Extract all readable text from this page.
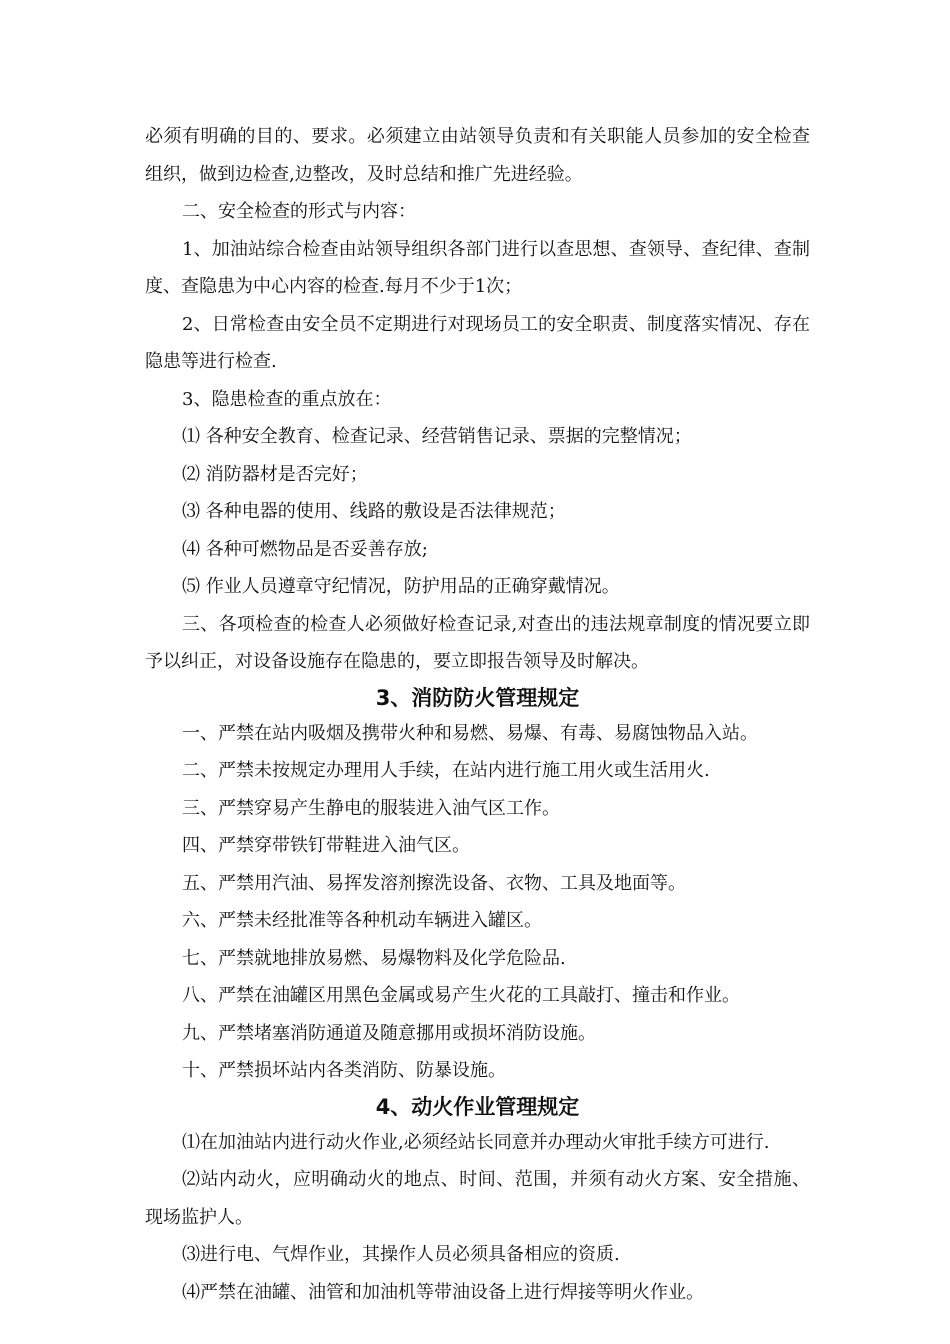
必须有明确的目的、要求。必须建立由站领导负责和有关职能人员参加的安全检查组织，做到边检查,边整改，及时总结和推广先进经验。

二、安全检查的形式与内容：

1、加油站综合检查由站领导组织各部门进行以查思想、查领导、查纪律、查制度、查隐患为中心内容的检查.每月不少于1次；

2、日常检查由安全员不定期进行对现场员工的安全职责、制度落实情况、存在隐患等进行检查.

3、隐患检查的重点放在：

⑴ 各种安全教育、检查记录、经营销售记录、票据的完整情况；

⑵ 消防器材是否完好；

⑶ 各种电器的使用、线路的敷设是否法律规范；

⑷ 各种可燃物品是否妥善存放;

⑸ 作业人员遵章守纪情况，防护用品的正确穿戴情况。

三、各项检查的检查人必须做好检查记录,对查出的违法规章制度的情况要立即予以纠正，对设备设施存在隐患的，要立即报告领导及时解决。

3、消防防火管理规定

一、严禁在站内吸烟及携带火种和易燃、易爆、有毒、易腐蚀物品入站。

二、严禁未按规定办理用人手续，在站内进行施工用火或生活用火.

三、严禁穿易产生静电的服装进入油气区工作。

四、严禁穿带铁钉带鞋进入油气区。

五、严禁用汽油、易挥发溶剂擦洗设备、衣物、工具及地面等。

六、严禁未经批准等各种机动车辆进入罐区。

七、严禁就地排放易燃、易爆物料及化学危险品.

八、严禁在油罐区用黑色金属或易产生火花的工具敲打、撞击和作业。

九、严禁堵塞消防通道及随意挪用或损坏消防设施。

十、严禁损坏站内各类消防、防暴设施。

4、动火作业管理规定

⑴在加油站内进行动火作业,必须经站长同意并办理动火审批手续方可进行.

⑵站内动火，应明确动火的地点、时间、范围，并须有动火方案、安全措施、现场监护人。

⑶进行电、气焊作业，其操作人员必须具备相应的资质.

⑷严禁在油罐、油管和加油机等带油设备上进行焊接等明火作业。
